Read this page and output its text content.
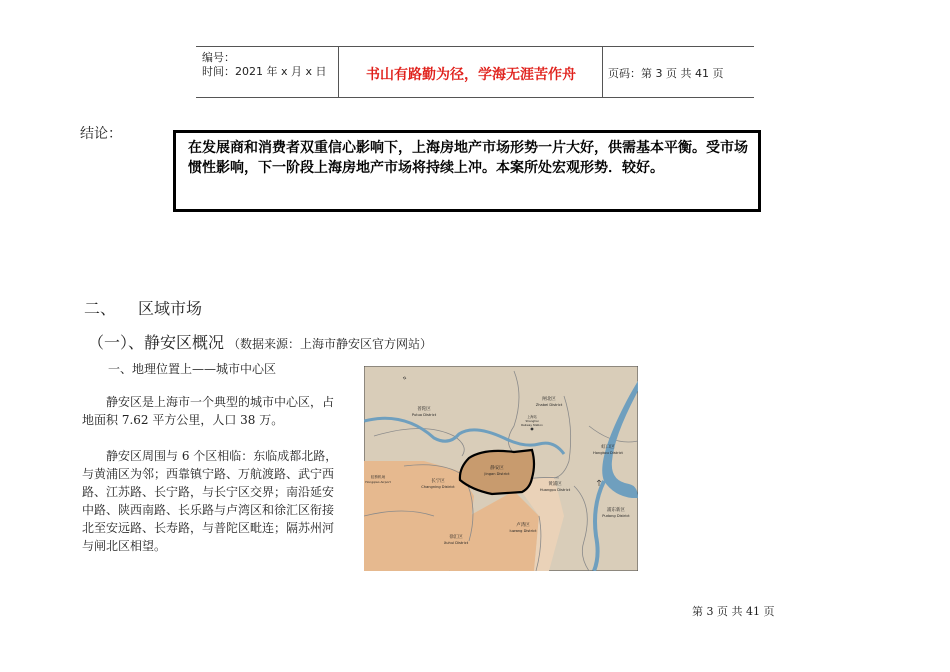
编号：
时间：2021 年 x 月 x 日	书山有路勤为径，学海无涯苦作舟	页码：第 3 页 共 41 页
结论：
在发展商和消费者双重信心影响下，上海房地产市场形势一片大好，供需基本平衡。受市场惯性影响，下一阶段上海房地产市场将持续上冲。本案所处宏观形势．较好。
二、 区域市场
（一）、静安区概况 （数据来源：上海市静安区官方网站）
一、地理位置上——城市中心区
静安区是上海市一个典型的城市中心区，占
地面积 7.62 平方公里，人口 38 万。
静安区周围与 6 个区相临：东临成都北路，
与黄浦区为邻；西靠镇宁路、万航渡路、武宁西
路、江苏路、长宁路，与长宁区交界；南沿延安
中路、陕西南路、长乐路与卢湾区和徐汇区衔接
北至安远路、长寿路，与普陀区毗连；隔苏州河
与闸北区相望。
N
普陀区
Putuo District
闸北区
Zhabei District
虹口区
Hongkou District
静安区
Jingan District
长宁区
Changning District	黄浦区
Huangpu District
卢湾区
luwang District
徐汇区
Xuhui District
浦东新区
Pudong District
虹桥机场
Hongqiao Airport
上海站
Shanghai
Railway Station
第 3 页 共 41 页
